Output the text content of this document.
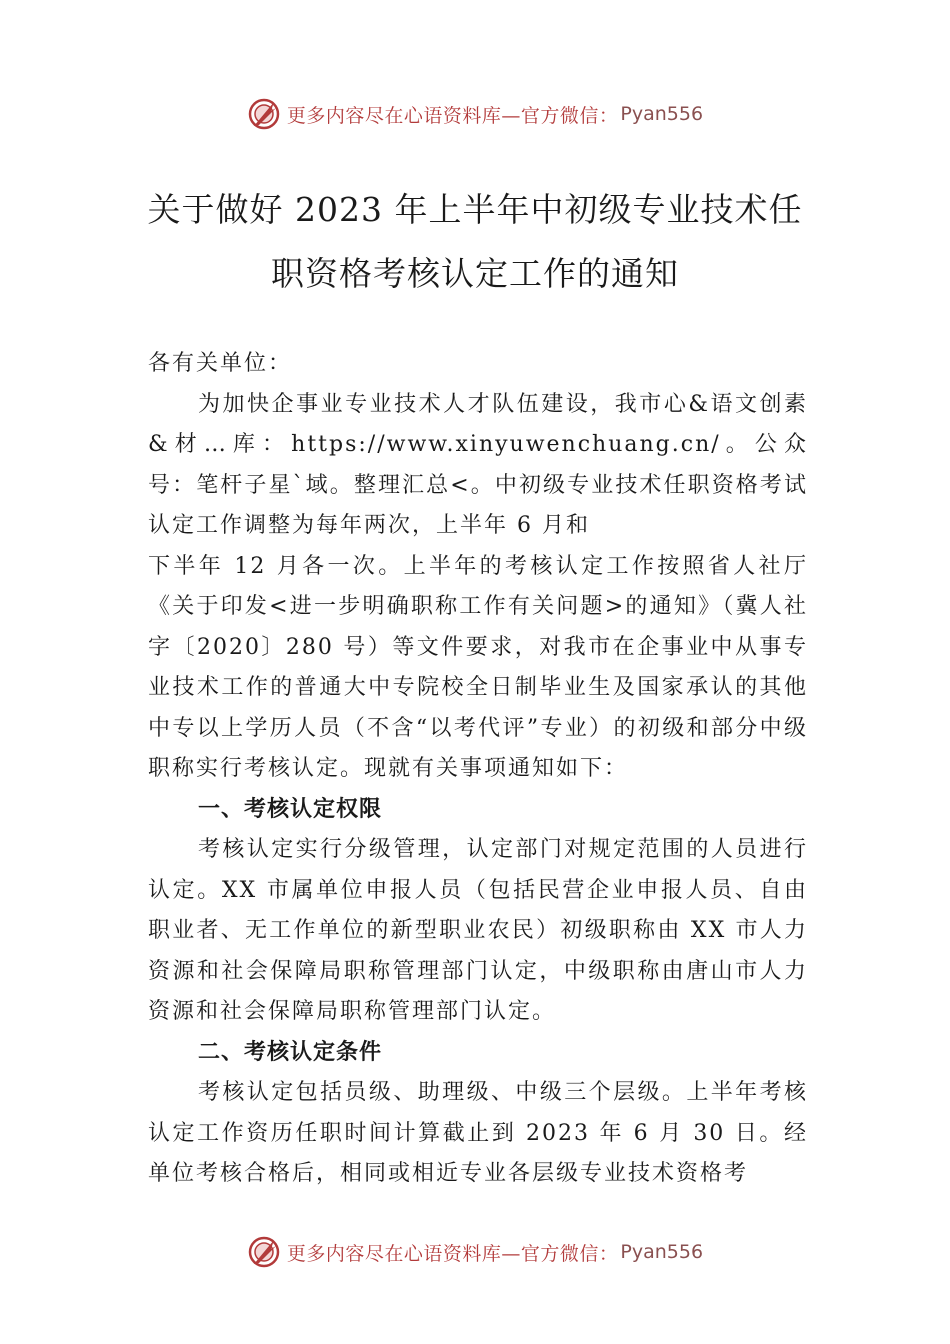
更多内容尽在心语资料库—官方微信： Pyan556
关于做好 2023 年上半年中初级专业技术任
职资格考核认定工作的通知

各有关单位：

为加快企事业专业技术人才队伍建设，我市心&语文创素&材…库：https://www.xinyuwenchuang.cn/。公众号：笔杆子星`域。整理汇总<。中初级专业技术任职资格考试认定工作调整为每年两次，上半年 6 月和

下半年 12 月各一次。上半年的考核认定工作按照省人社厅《关于印发<进一步明确职称工作有关问题>的通知》（冀人社字〔2020〕280 号）等文件要求，对我市在企事业中从事专业技术工作的普通大中专院校全日制毕业生及国家承认的其他中专以上学历人员（不含“以考代评”专业）的初级和部分中级职称实行考核认定。现就有关事项通知如下：

一、考核认定权限

考核认定实行分级管理，认定部门对规定范围的人员进行认定。XX 市属单位申报人员（包括民营企业申报人员、自由职业者、无工作单位的新型职业农民）初级职称由 XX 市人力资源和社会保障局职称管理部门认定，中级职称由唐山市人力资源和社会保障局职称管理部门认定。

二、考核认定条件

考核认定包括员级、助理级、中级三个层级。上半年考核认定工作资历任职时间计算截止到 2023 年 6 月 30 日。经单位考核合格后，相同或相近专业各层级专业技术资格考

更多内容尽在心语资料库—官方微信： Pyan556
